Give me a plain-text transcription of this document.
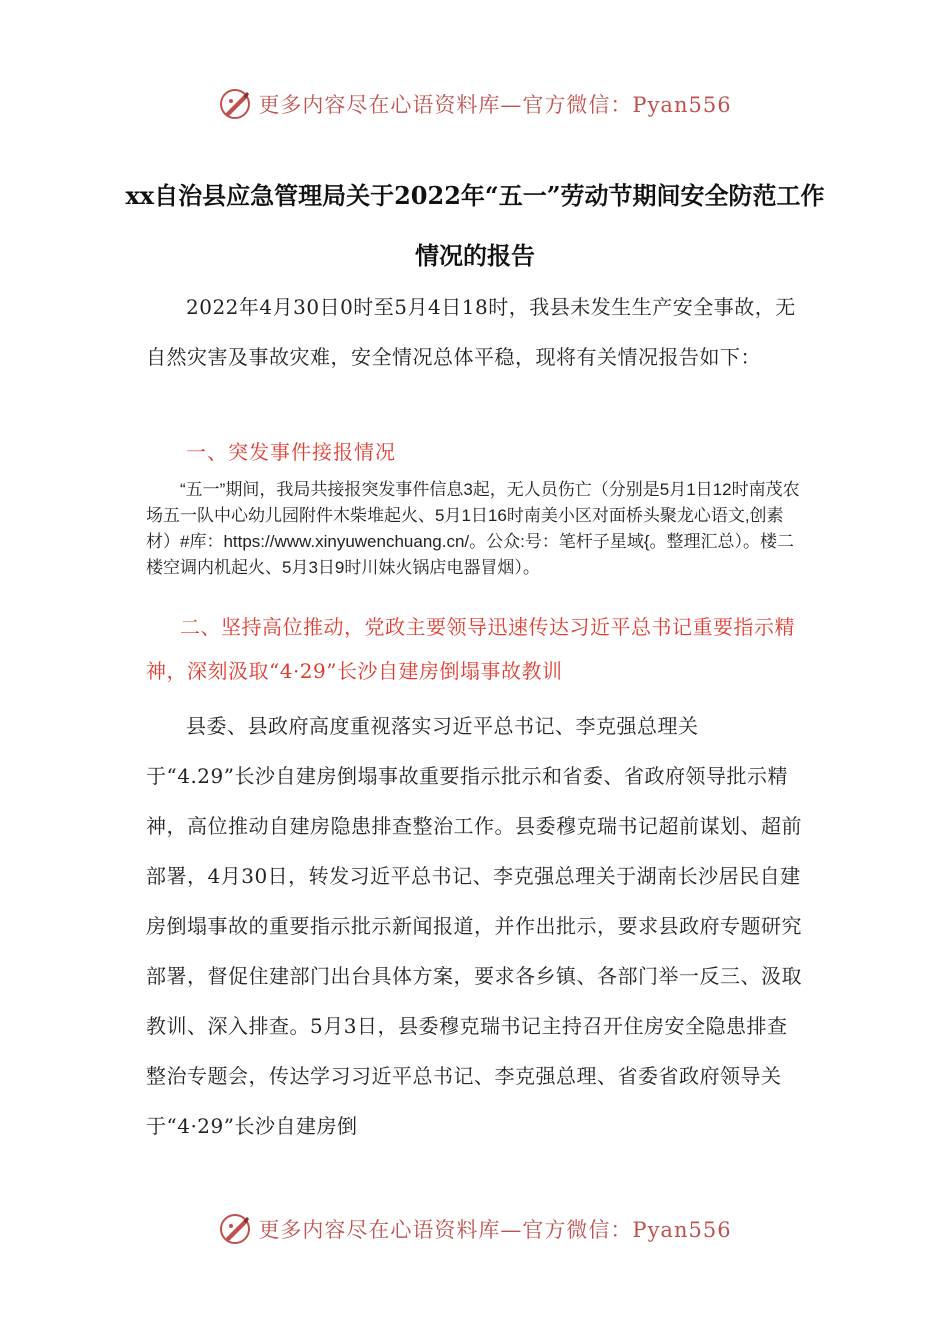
更多内容尽在心语资料库—官方微信：Pyan556
xx自治县应急管理局关于2022年“五一”劳动节期间安全防范工作情况的报告
2022年4月30日0时至5月4日18时，我县未发生生产安全事故，无自然灾害及事故灾难，安全情况总体平稳，现将有关情况报告如下：
一、突发事件接报情况
“五一”期间，我局共接报突发事件信息3起，无人员伤亡（分别是5月1日12时南茂农场五一队中心幼儿园附件木柴堆起火、5月1日16时南美小区对面桥头聚龙心语文,创素材）#库：https://www.xinyuwenchuang.cn/。公众:号：笔杆子星域{。整理汇总）。楼二楼空调内机起火、5月3日9时川妹火锅店电器冒烟）。
二、坚持高位推动，党政主要领导迅速传达习近平总书记重要指示精神，深刻汲取“4·29”长沙自建房倒塌事故教训
县委、县政府高度重视落实习近平总书记、李克强总理关于“4.29”长沙自建房倒塌事故重要指示批示和省委、省政府领导批示精神，高位推动自建房隐患排查整治工作。县委穆克瑞书记超前谋划、超前部署，4月30日，转发习近平总书记、李克强总理关于湖南长沙居民自建房倒塌事故的重要指示批示新闻报道，并作出批示，要求县政府专题研究部署，督促住建部门出台具体方案，要求各乡镇、各部门举一反三、汲取教训、深入排查。5月3日，县委穆克瑞书记主持召开住房安全隐患排查整治专题会，传达学习习近平总书记、李克强总理、省委省政府领导关于“4·29”长沙自建房倒
更多内容尽在心语资料库—官方微信：Pyan556
